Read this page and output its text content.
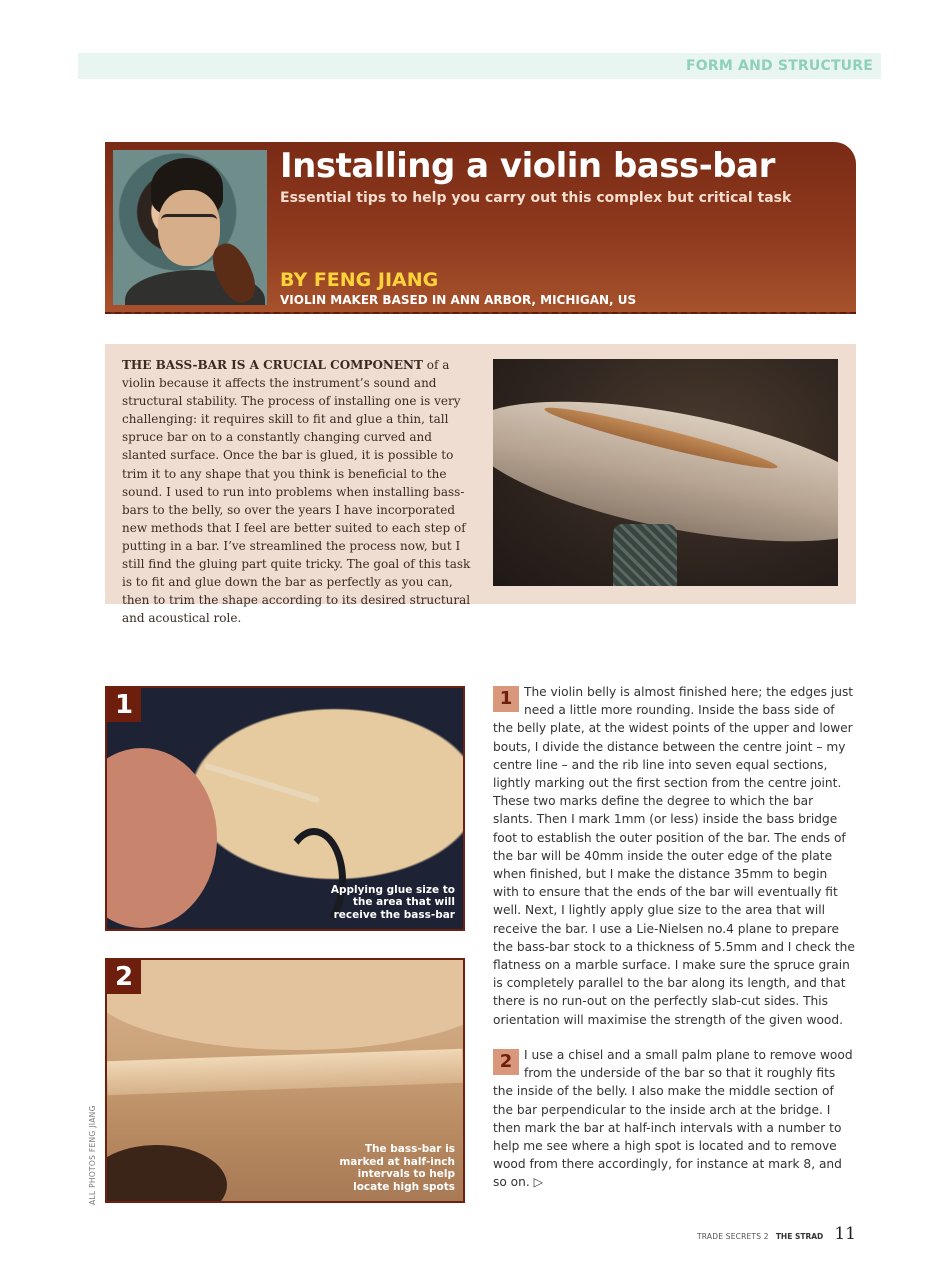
FORM AND STRUCTURE
Installing a violin bass-bar
Essential tips to help you carry out this complex but critical task
BY FENG JIANG
VIOLIN MAKER BASED IN ANN ARBOR, MICHIGAN, US

THE BASS-BAR IS A CRUCIAL COMPONENT of a violin because it affects the instrument’s sound and structural stability. The process of installing one is very challenging: it requires skill to fit and glue a thin, tall spruce bar on to a constantly changing curved and slanted surface. Once the bar is glued, it is possible to trim it to any shape that you think is beneficial to the sound. I used to run into problems when installing bass-bars to the belly, so over the years I have incorporated new methods that I feel are better suited to each step of putting in a bar. I’ve streamlined the process now, but I still find the gluing part quite tricky. The goal of this task is to fit and glue down the bar as perfectly as you can, then to trim the shape according to its desired structural and acoustical role.

1
Applying glue size to the area that will receive the bass-bar
2
The bass-bar is marked at half-inch intervals to help locate high spots
ALL PHOTOS FENG JIANG

1 The violin belly is almost finished here; the edges just need a little more rounding. Inside the bass side of the belly plate, at the widest points of the upper and lower bouts, I divide the distance between the centre joint – my centre line – and the rib line into seven equal sections, lightly marking out the first section from the centre joint. These two marks define the degree to which the bar slants. Then I mark 1mm (or less) inside the bass bridge foot to establish the outer position of the bar. The ends of the bar will be 40mm inside the outer edge of the plate when finished, but I make the distance 35mm to begin with to ensure that the ends of the bar will eventually fit well. Next, I lightly apply glue size to the area that will receive the bar. I use a Lie-Nielsen no.4 plane to prepare the bass-bar stock to a thickness of 5.5mm and I check the flatness on a marble surface. I make sure the spruce grain is completely parallel to the bar along its length, and that there is no run-out on the perfectly slab-cut sides. This orientation will maximise the strength of the given wood.

2 I use a chisel and a small palm plane to remove wood from the underside of the bar so that it roughly fits the inside of the belly. I also make the middle section of the bar perpendicular to the inside arch at the bridge. I then mark the bar at half-inch intervals with a number to help me see where a high spot is located and to remove wood from there accordingly, for instance at mark 8, and so on. ▷

TRADE SECRETS 2 THE STRAD 11
